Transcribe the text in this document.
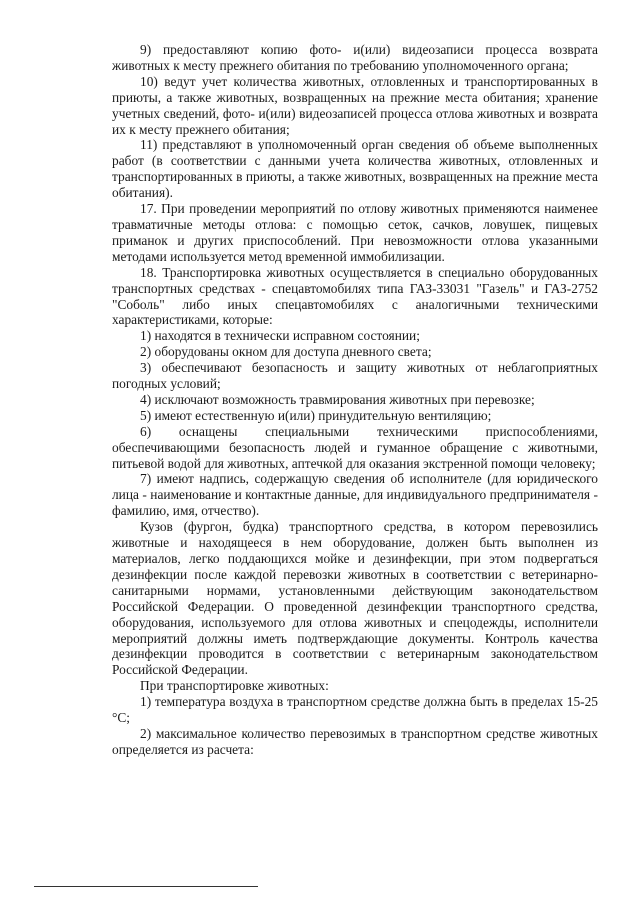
9) предоставляют копию фото- и(или) видеозаписи процесса возврата животных к месту прежнего обитания по требованию уполномоченного органа;

10) ведут учет количества животных, отловленных и транспортированных в приюты, а также животных, возвращенных на прежние места обитания; хранение учетных сведений, фото- и(или) видеозаписей процесса отлова животных и возврата их к месту прежнего обитания;

11) представляют в уполномоченный орган сведения об объеме выполненных работ (в соответствии с данными учета количества животных, отловленных и транспортированных в приюты, а также животных, возвращенных на прежние места обитания).

17. При проведении мероприятий по отлову животных применяются наименее травматичные методы отлова: с помощью сеток, сачков, ловушек, пищевых приманок и других приспособлений. При невозможности отлова указанными методами используется метод временной иммобилизации.

18. Транспортировка животных осуществляется в специально оборудованных транспортных средствах - спецавтомобилях типа ГАЗ-33031 "Газель" и ГАЗ-2752 "Соболь" либо иных спецавтомобилях с аналогичными техническими характеристиками, которые:

1) находятся в технически исправном состоянии;

2) оборудованы окном для доступа дневного света;

3) обеспечивают безопасность и защиту животных от неблагоприятных погодных условий;

4) исключают возможность травмирования животных при перевозке;

5) имеют естественную и(или) принудительную вентиляцию;

6) оснащены специальными техническими приспособлениями, обеспечивающими безопасность людей и гуманное обращение с животными, питьевой водой для животных, аптечкой для оказания экстренной помощи человеку;

7) имеют надпись, содержащую сведения об исполнителе (для юридического лица - наименование и контактные данные, для индивидуального предпринимателя - фамилию, имя, отчество).

Кузов (фургон, будка) транспортного средства, в котором перевозились животные и находящееся в нем оборудование, должен быть выполнен из материалов, легко поддающихся мойке и дезинфекции, при этом подвергаться дезинфекции после каждой перевозки животных в соответствии с ветеринарно-санитарными нормами, установленными действующим законодательством Российской Федерации. О проведенной дезинфекции транспортного средства, оборудования, используемого для отлова животных и спецодежды, исполнители мероприятий должны иметь подтверждающие документы. Контроль качества дезинфекции проводится в соответствии с ветеринарным законодательством Российской Федерации.

При транспортировке животных:

1) температура воздуха в транспортном средстве должна быть в пределах 15-25 °С;

2) максимальное количество перевозимых в транспортном средстве животных определяется из расчета:
